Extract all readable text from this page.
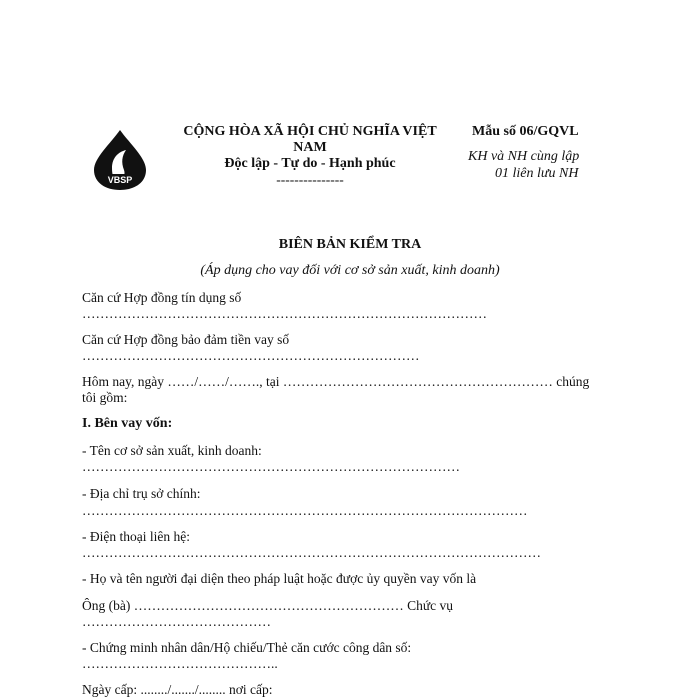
VBSP
CỘNG HÒA XÃ HỘI CHỦ NGHĨA VIỆT
NAM
Độc lập - Tự do - Hạnh phúc
---------------
Mẫu số 06/GQVL
KH và NH cùng lập
01 liên lưu NH
BIÊN BẢN KIỂM TRA
(Áp dụng cho vay đối với cơ sở sản xuất, kinh doanh)
Căn cứ Hợp đồng tín dụng số
………………………………………………………………………………
Căn cứ Hợp đồng bảo đảm tiền vay số
…………………………………………………………………
Hôm nay, ngày ……/……/……., tại …………………………………………………… chúng
tôi gồm:
I. Bên vay vốn:
- Tên cơ sở sản xuất, kinh doanh:
…………………………………………………………………………
- Địa chỉ trụ sở chính:
………………………………………………………………………………………
- Điện thoại liên hệ:
…………………………………………………………………………………………
- Họ và tên người đại diện theo pháp luật hoặc được ủy quyền vay vốn là
Ông (bà) …………………………………………………… Chức vụ
……………………………………
- Chứng minh nhân dân/Hộ chiếu/Thẻ căn cước công dân số:
……………………………………..
Ngày cấp: ......../......./........ nơi cấp:
